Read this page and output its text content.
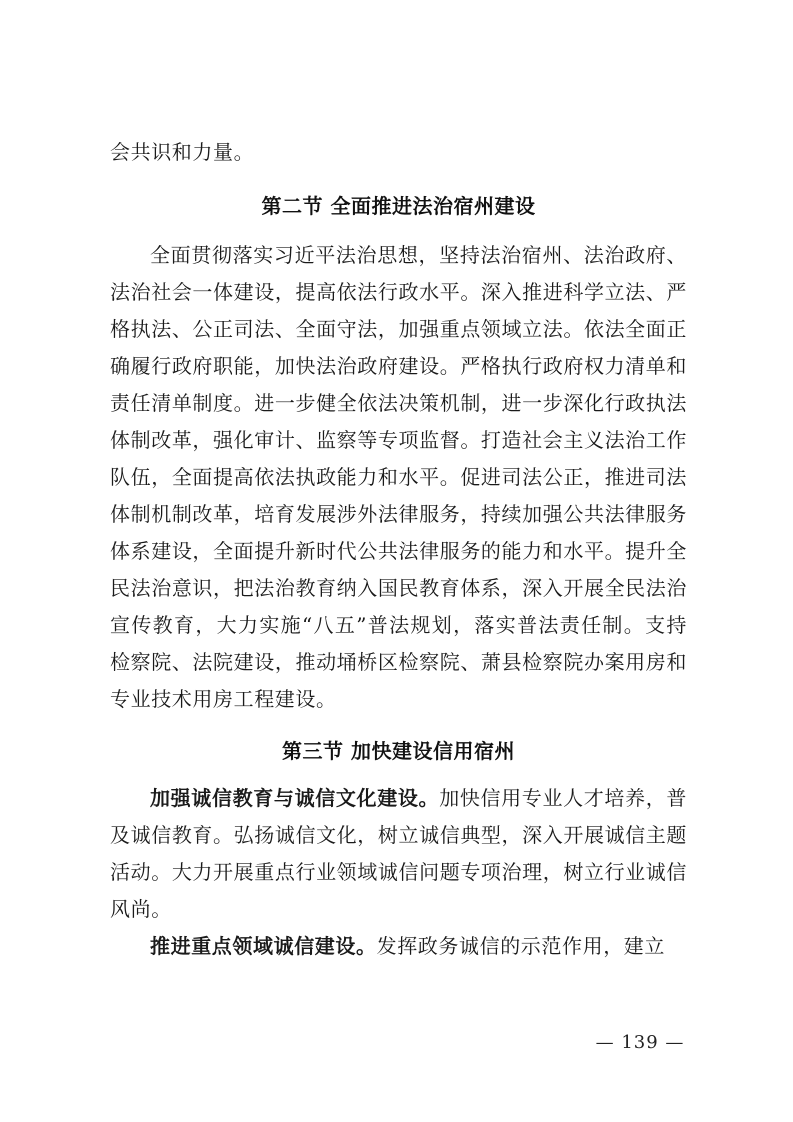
会共识和力量。

第二节 全面推进法治宿州建设

全面贯彻落实习近平法治思想，坚持法治宿州、法治政府、法治社会一体建设，提高依法行政水平。深入推进科学立法、严格执法、公正司法、全面守法，加强重点领域立法。依法全面正确履行政府职能，加快法治政府建设。严格执行政府权力清单和责任清单制度。进一步健全依法决策机制，进一步深化行政执法体制改革，强化审计、监察等专项监督。打造社会主义法治工作队伍，全面提高依法执政能力和水平。促进司法公正，推进司法体制机制改革，培育发展涉外法律服务，持续加强公共法律服务体系建设，全面提升新时代公共法律服务的能力和水平。提升全民法治意识，把法治教育纳入国民教育体系，深入开展全民法治宣传教育，大力实施“八五”普法规划，落实普法责任制。支持检察院、法院建设，推动埇桥区检察院、萧县检察院办案用房和专业技术用房工程建设。

第三节 加快建设信用宿州

加强诚信教育与诚信文化建设。加快信用专业人才培养，普及诚信教育。弘扬诚信文化，树立诚信典型，深入开展诚信主题活动。大力开展重点行业领域诚信问题专项治理，树立行业诚信风尚。

推进重点领域诚信建设。发挥政务诚信的示范作用，建立

— 139 —
